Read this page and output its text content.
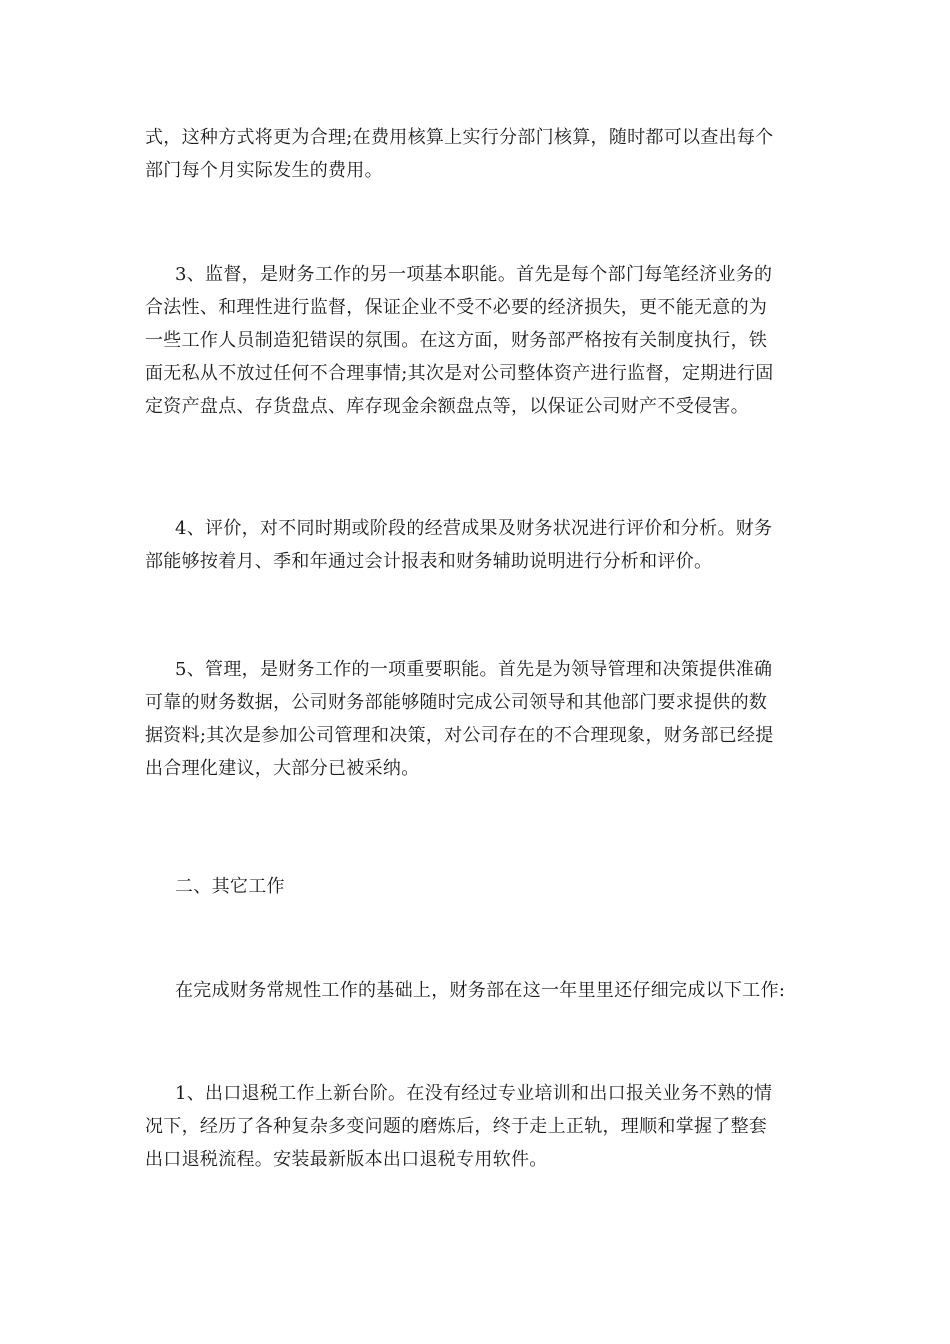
式，这种方式将更为合理;在费用核算上实行分部门核算，随时都可以查出每个
部门每个月实际发生的费用。

3、监督，是财务工作的另一项基本职能。首先是每个部门每笔经济业务的
合法性、和理性进行监督，保证企业不受不必要的经济损失，更不能无意的为
一些工作人员制造犯错误的氛围。在这方面，财务部严格按有关制度执行，铁
面无私从不放过任何不合理事情;其次是对公司整体资产进行监督，定期进行固
定资产盘点、存货盘点、库存现金余额盘点等，以保证公司财产不受侵害。

4、评价，对不同时期或阶段的经营成果及财务状况进行评价和分析。财务
部能够按着月、季和年通过会计报表和财务辅助说明进行分析和评价。

5、管理，是财务工作的一项重要职能。首先是为领导管理和决策提供准确
可靠的财务数据，公司财务部能够随时完成公司领导和其他部门要求提供的数
据资料;其次是参加公司管理和决策，对公司存在的不合理现象，财务部已经提
出合理化建议，大部分已被采纳。

二、其它工作

在完成财务常规性工作的基础上，财务部在这一年里里还仔细完成以下工作:

1、出口退税工作上新台阶。在没有经过专业培训和出口报关业务不熟的情
况下，经历了各种复杂多变问题的磨炼后，终于走上正轨，理顺和掌握了整套
出口退税流程。安装最新版本出口退税专用软件。
